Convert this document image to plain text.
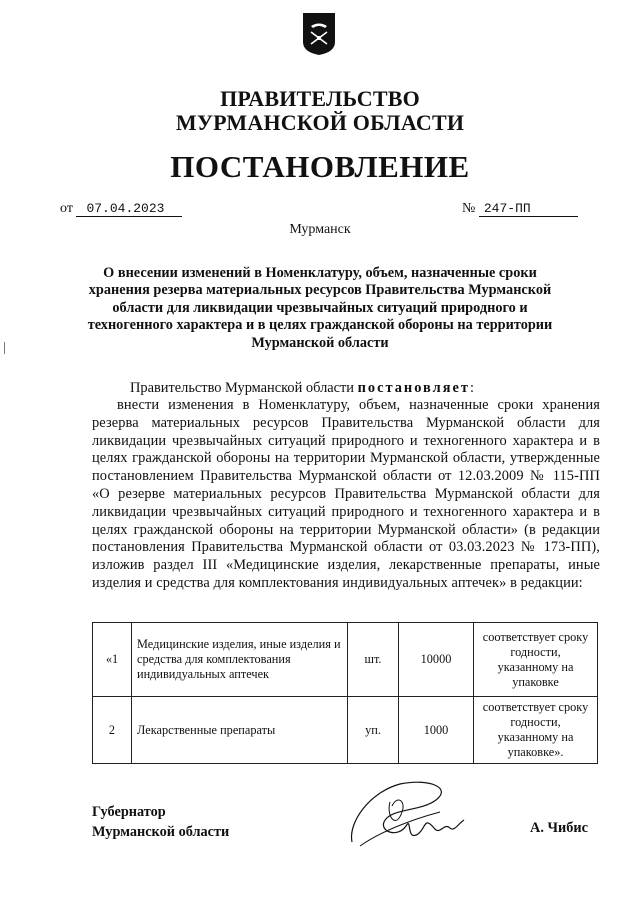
ПРАВИТЕЛЬСТВО
МУРМАНСКОЙ ОБЛАСТИ
ПОСТАНОВЛЕНИЕ
от 07.04.2023	№ 247-ПП
Мурманск
О внесении изменений в Номенклатуру, объем, назначенные сроки хранения резерва материальных ресурсов Правительства Мурманской области для ликвидации чрезвычайных ситуаций природного и техногенного характера и в целях гражданской обороны на территории Мурманской области
Правительство Мурманской области постановляет:
внести изменения в Номенклатуру, объем, назначенные сроки хранения резерва материальных ресурсов Правительства Мурманской области для ликвидации чрезвычайных ситуаций природного и техногенного характера и в целях гражданской обороны на территории Мурманской области, утвержденные постановлением Правительства Мурманской области от 12.03.2009 № 115-ПП «О резерве материальных ресурсов Правительства Мурманской области для ликвидации чрезвычайных ситуаций природного и техногенного характера и в целях гражданской обороны на территории Мурманской области» (в редакции постановления Правительства Мурманской области от 03.03.2023 № 173-ПП), изложив раздел III «Медицинские изделия, лекарственные препараты, иные изделия и средства для комплектования индивидуальных аптечек» в редакции:
«1	Медицинские изделия, иные изделия и средства для комплектования индивидуальных аптечек	шт.	10000	соответствует сроку годности, указанному на упаковке
2	Лекарственные препараты	уп.	1000	соответствует сроку годности, указанному на упаковке».
Губернатор
Мурманской области	А. Чибис
